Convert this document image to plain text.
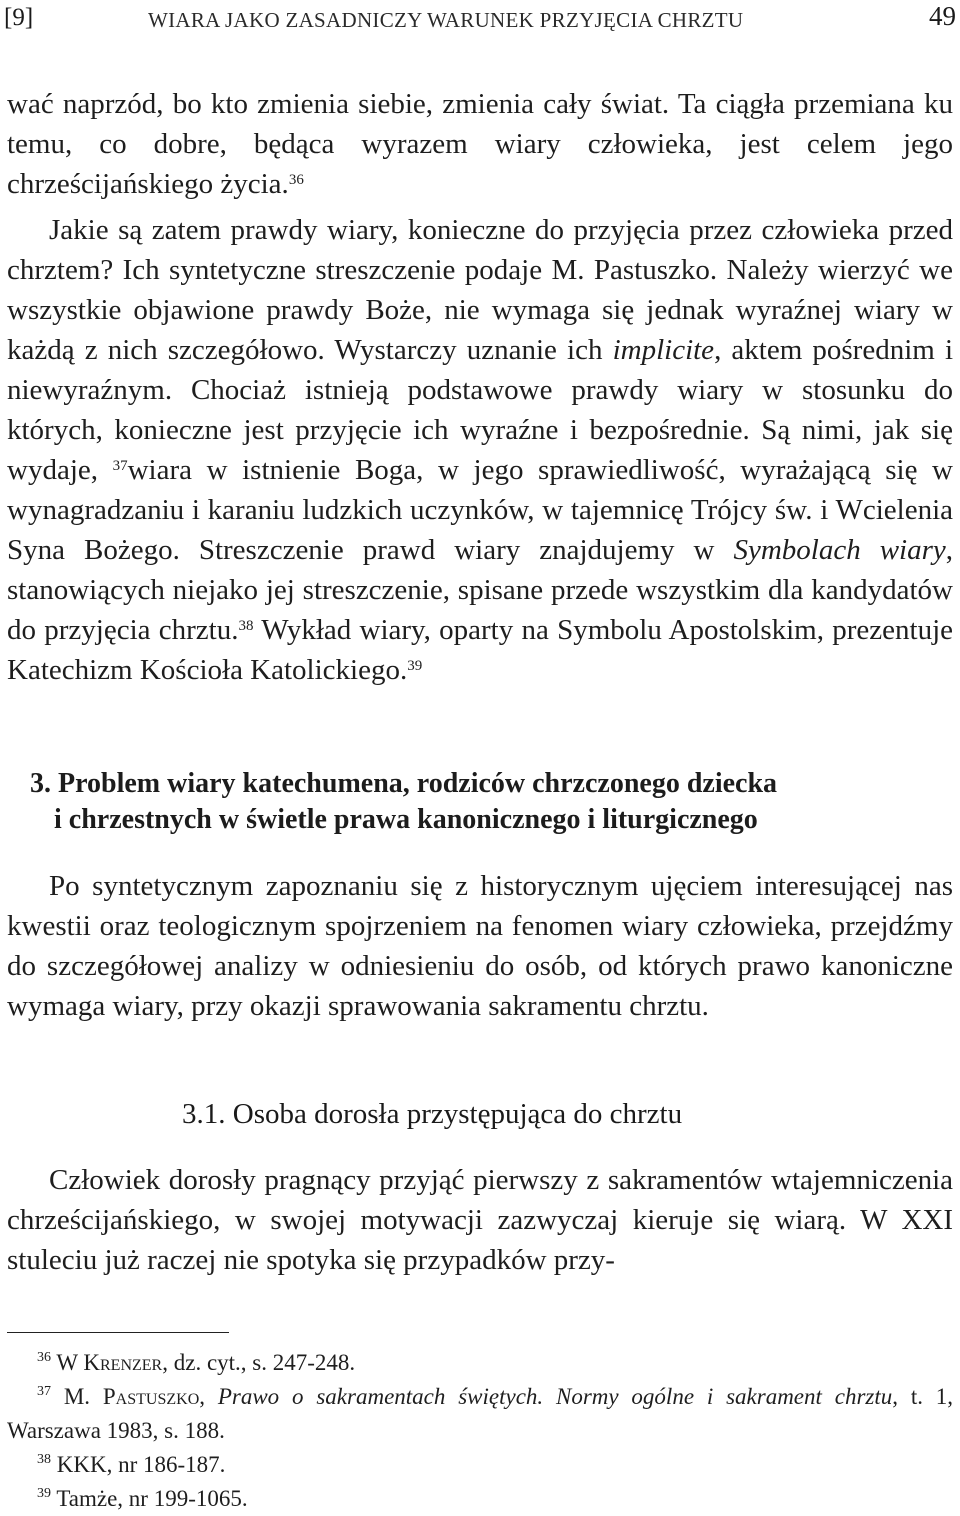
[9]	WIARA JAKO ZASADNICZY WARUNEK PRZYJĘCIA CHRZTU	49

wać naprzód, bo kto zmienia siebie, zmienia cały świat. Ta ciągła przemiana ku temu, co dobre, będąca wyrazem wiary człowieka, jest celem jego chrześcijańskiego życia.$^{36}$

Jakie są zatem prawdy wiary, konieczne do przyjęcia przez człowieka przed chrztem? Ich syntetyczne streszczenie podaje M. Pastuszko. Należy wierzyć we wszystkie objawione prawdy Boże, nie wymaga się jednak wyraźnej wiary w każdą z nich szczegółowo. Wystarczy uznanie ich implicite, aktem pośrednim i niewyraźnym. Chociaż istnieją podstawowe prawdy wiary w stosunku do których, konieczne jest przyjęcie ich wyraźne i bezpośrednie. Są nimi, jak się wydaje, $^{37}$wiara w istnienie Boga, w jego sprawiedliwość, wyrażającą się w wynagradzaniu i karaniu ludzkich uczynków, w tajemnicę Trójcy św. i Wcielenia Syna Bożego. Streszczenie prawd wiary znajdujemy w Symbolach wiary, stanowiących niejako jej streszczenie, spisane przede wszystkim dla kandydatów do przyjęcia chrztu.$^{38}$ Wykład wiary, oparty na Symbolu Apostolskim, prezentuje Katechizm Kościoła Katolickiego.$^{39}$

3. Problem wiary katechumena, rodziców chrzczonego dziecka
i chrzestnych w świetle prawa kanonicznego i liturgicznego

Po syntetycznym zapoznaniu się z historycznym ujęciem interesującej nas kwestii oraz teologicznym spojrzeniem na fenomen wiary człowieka, przejdźmy do szczegółowej analizy w odniesieniu do osób, od których prawo kanoniczne wymaga wiary, przy okazji sprawowania sakramentu chrztu.

3.1. Osoba dorosła przystępująca do chrztu

Człowiek dorosły pragnący przyjąć pierwszy z sakramentów wtajemniczenia chrześcijańskiego, w swojej motywacji zazwyczaj kieruje się wiarą. W XXI stuleciu już raczej nie spotyka się przypadków przy-

$^{36}$ W Krenzer, dz. cyt., s. 247-248.

$^{37}$ M. Pastuszko, Prawo o sakramentach świętych. Normy ogólne i sakrament chrztu, t. 1, Warszawa 1983, s. 188.

$^{38}$ KKK, nr 186-187.

$^{39}$ Tamże, nr 199-1065.
